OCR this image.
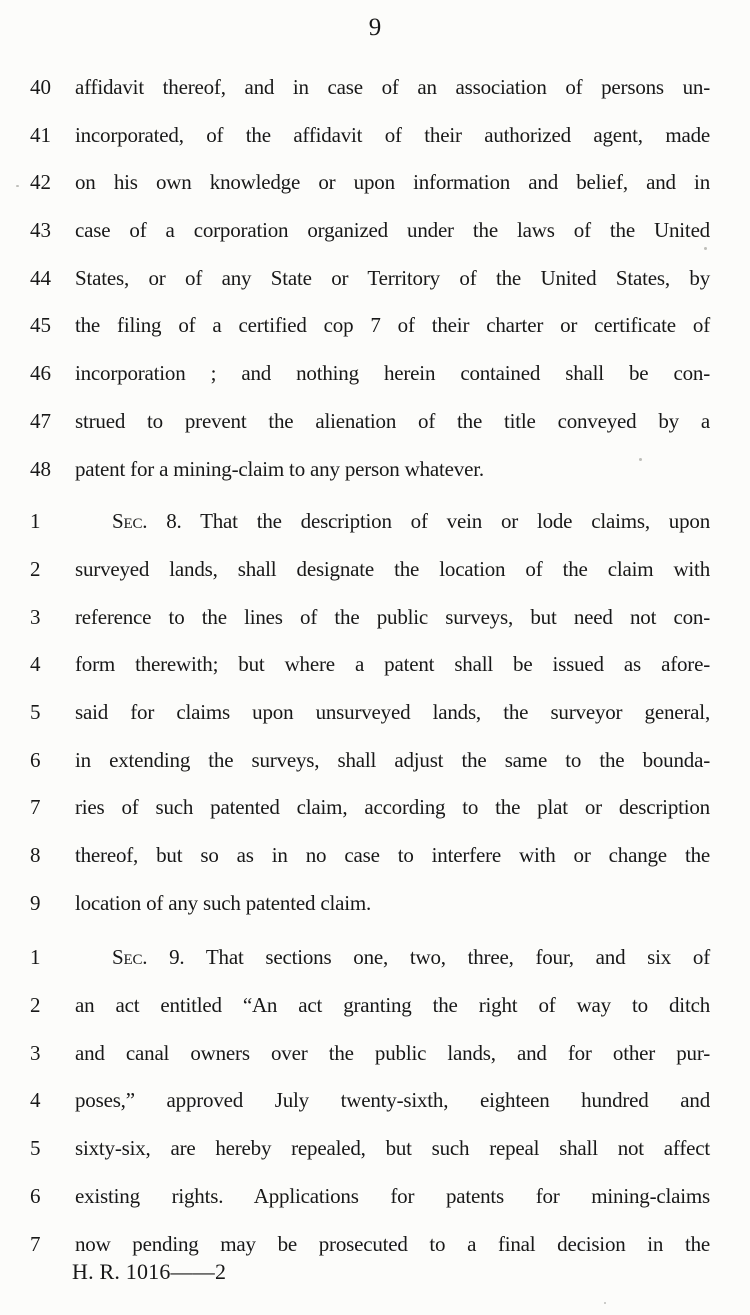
9
40	affidavit thereof, and in case of an association of persons un-
41	incorporated, of the affidavit of their authorized agent, made
42	on his own knowledge or upon information and belief, and in
43	case of a corporation organized under the laws of the United
44	States, or of any State or Territory of the United States, by
45	the filing of a certified cop 7 of their charter or certificate of
46	incorporation ; and nothing herein contained shall be con-
47	strued to prevent the alienation of the title conveyed by a
48	patent for a mining-claim to any person whatever.
1	Sec. 8. That the description of vein or lode claims, upon
2	surveyed lands, shall designate the location of the claim with
3	reference to the lines of the public surveys, but need not con-
4	form therewith; but where a patent shall be issued as afore-
5	said for claims upon unsurveyed lands, the surveyor general,
6	in extending the surveys, shall adjust the same to the bounda-
7	ries of such patented claim, according to the plat or description
8	thereof, but so as in no case to interfere with or change the
9	location of any such patented claim.
1	Sec. 9. That sections one, two, three, four, and six of
2	an act entitled “An act granting the right of way to ditch
3	and canal owners over the public lands, and for other pur-
4	poses,” approved July twenty-sixth, eighteen hundred and
5	sixty-six, are hereby repealed, but such repeal shall not affect
6	existing rights. Applications for patents for mining-claims
7	now pending may be prosecuted to a final decision in the
H. R. 1016——2
